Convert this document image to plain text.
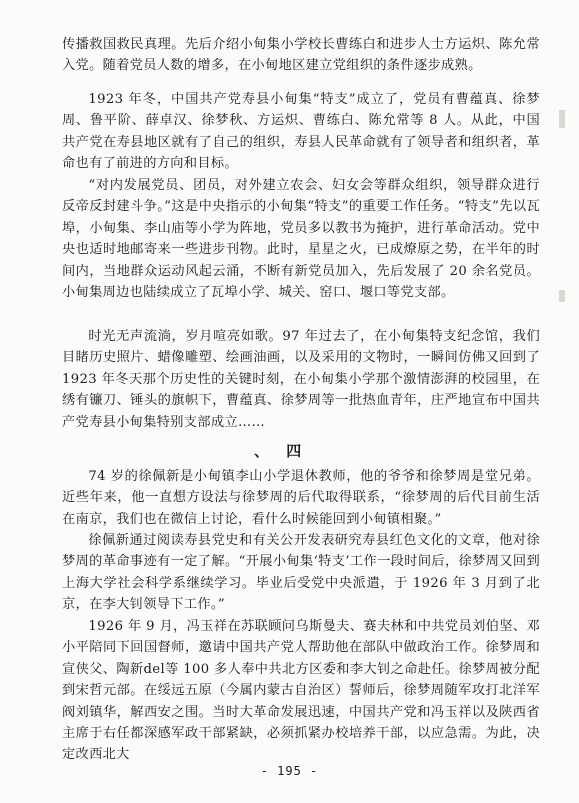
传播救国救民真理。先后介绍小甸集小学校长曹练白和进步人士方运炽、陈允常入党。随着党员人数的增多，在小甸地区建立党组织的条件逐步成熟。

1923 年冬，中国共产党寿县小甸集“特支”成立了，党员有曹蕴真、徐梦周、鲁平阶、薛卓汉、徐梦秋、方运炽、曹练白、陈允常等 8 人。从此，中国共产党在寿县地区就有了自己的组织，寿县人民革命就有了领导者和组织者，革命也有了前进的方向和目标。

“对内发展党员、团员，对外建立农会、妇女会等群众组织，领导群众进行反帝反封建斗争。”这是中央指示的小甸集“特支”的重要工作任务。“特支”先以瓦埠，小甸集、李山庙等小学为阵地，党员多以教书为掩护，进行革命活动。党中央也适时地邮寄来一些进步刊物。此时，星星之火，已成燎原之势，在半年的时间内，当地群众运动风起云涌，不断有新党员加入，先后发展了 20 余名党员。小甸集周边也陆续成立了瓦埠小学、城关、窑口、堰口等党支部。

时光无声流淌，岁月喧亮如歌。97 年过去了，在小甸集特支纪念馆，我们目睹历史照片、蜡像雕塑、绘画油画，以及采用的文物时，一瞬间仿佛又回到了 1923 年冬天那个历史性的关键时刻，在小甸集小学那个激情澎湃的校园里，在绣有镰刀、锤头的旗帜下，曹蕴真、徐梦周等一批热血青年，庄严地宣布中国共产党寿县小甸集特别支部成立……

、 四

74 岁的徐佩新是小甸镇李山小学退休教师，他的爷爷和徐梦周是堂兄弟。近些年来，他一直想方设法与徐梦周的后代取得联系，“徐梦周的后代目前生活在南京，我们也在微信上讨论，看什么时候能回到小甸镇相聚。”

徐佩新通过阅读寿县党史和有关公开发表研究寿县红色文化的文章，他对徐梦周的革命事迹有一定了解。“开展小甸集‘特支’工作一段时间后，徐梦周又回到上海大学社会科学系继续学习。毕业后受党中央派遣，于 1926 年 3 月到了北京，在李大钊领导下工作。”

1926 年 9 月，冯玉祥在苏联顾问乌斯曼夫、赛夫林和中共党员刘伯坚、邓小平陪同下回国督师，邀请中国共产党人帮助他在部队中做政治工作。徐梦周和宣侠父、陶新del等 100 多人奉中共北方区委和李大钊之命赴任。徐梦周被分配到宋哲元部。在绥远五原（今属内蒙古自治区）誓师后，徐梦周随军攻打北洋军阀刘镇华，解西安之围。当时大革命发展迅速，中国共产党和冯玉祥以及陕西省主席于右任都深感军政干部紧缺，必须抓紧办校培养干部，以应急需。为此，决定改西北大

- 195 -
